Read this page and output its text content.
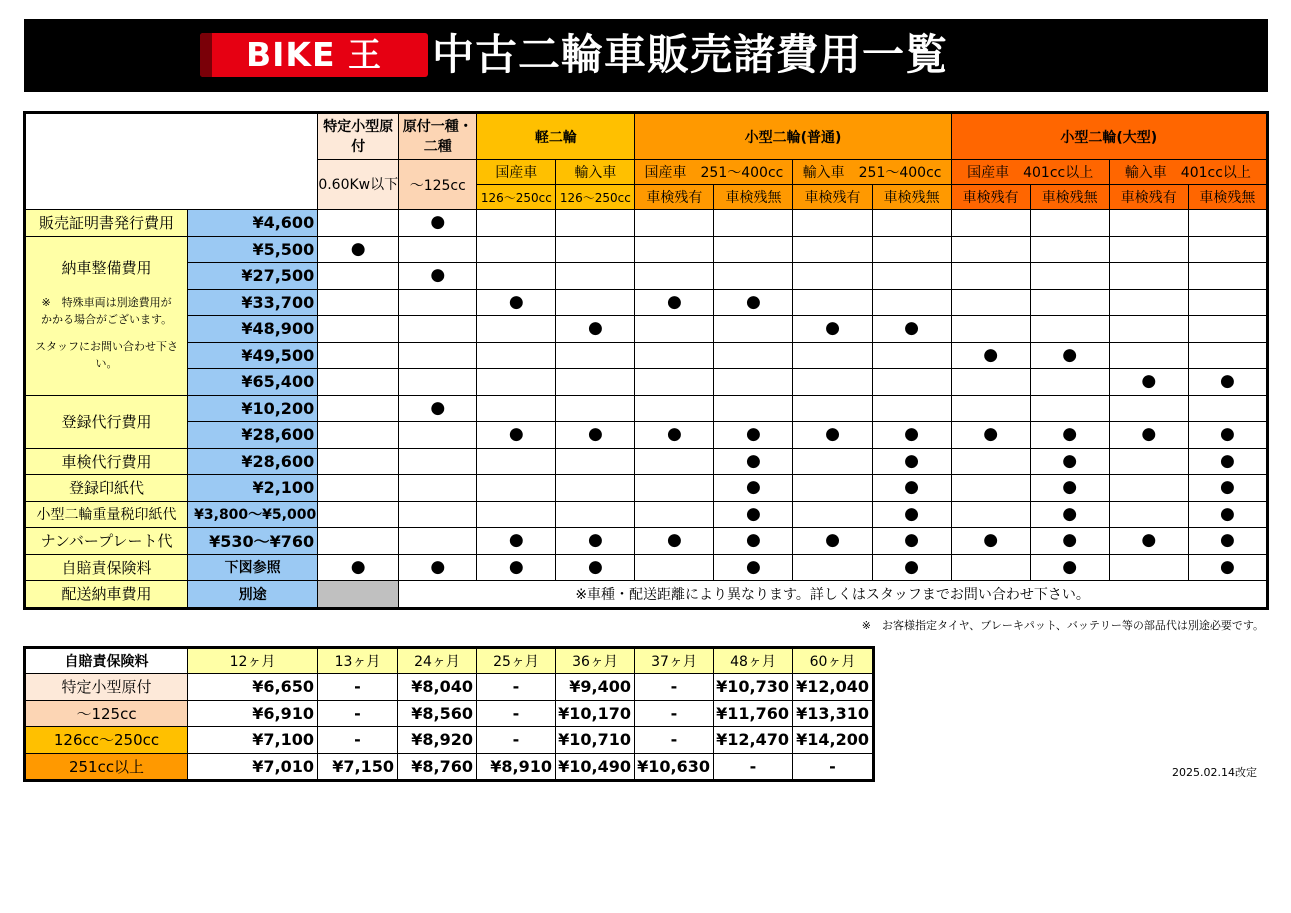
BIKE 王	中古二輪車販売諸費用一覧
		特定小型原付	原付一種・二種	軽二輪		小型二輪(普通)				小型二輪(大型)			
		0.60Kw以下	～125cc	国産車	輸入車	国産車　251～400cc		輸入車　251～400cc		国産車　401cc以上		輸入車　401cc以上	
				126～250cc	126～250cc	車検残有	車検残無	車検残有	車検残無	車検残有	車検残無	車検残有	車検残無
販売証明書発行費用	¥4,600		●										

納車整備費用
※　特殊車両は別途費用が
かかる場合がございます。
スタッフにお問い合わせ下さい。	¥5,500	●											
	¥27,500		●										
	¥33,700			●		●	●						
	¥48,900				●			●	●				
	¥49,500									●	●		
	¥65,400											●	●
登録代行費用	¥10,200		●										
	¥28,600			●	●	●	●	●	●	●	●	●	●
車検代行費用	¥28,600						●		●		●		●
登録印紙代	¥2,100						●		●		●		●
小型二輪重量税印紙代	¥3,800～¥5,000						●		●		●		●
ナンバープレート代	¥530～¥760			●	●	●	●	●	●	●	●	●	●
自賠責保険料	下図参照	●	●	●	●		●		●		●		●
配送納車費用	別途		※車種・配送距離により異なります。詳しくはスタッフまでお問い合わせ下さい。										
※　お客様指定タイヤ、ブレーキパット、バッテリー等の部品代は別途必要です。
自賠責保険料	12ヶ月	13ヶ月	24ヶ月	25ヶ月	36ヶ月	37ヶ月	48ヶ月	60ヶ月
特定小型原付	¥6,650	-	¥8,040	-	¥9,400	-	¥10,730	¥12,040
～125cc	¥6,910	-	¥8,560	-	¥10,170	-	¥11,760	¥13,310
126cc～250cc	¥7,100	-	¥8,920	-	¥10,710	-	¥12,470	¥14,200
251cc以上	¥7,010	¥7,150	¥8,760	¥8,910	¥10,490	¥10,630	-	-	2025.02.14改定
